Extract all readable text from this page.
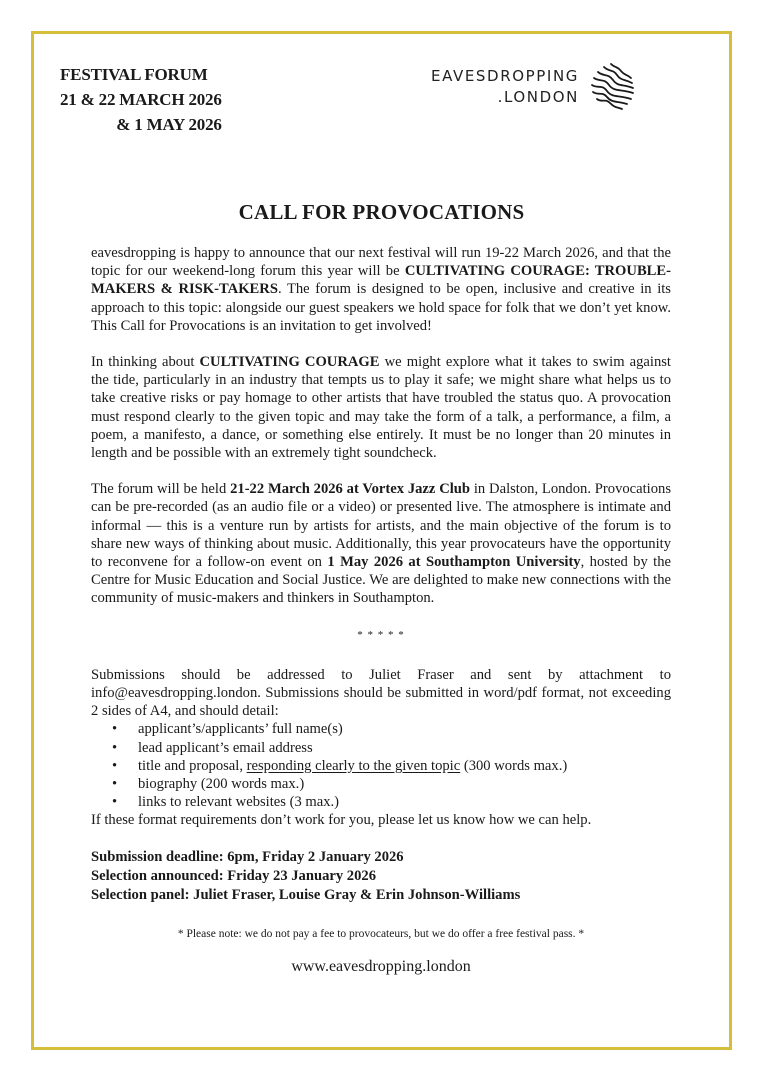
FESTIVAL FORUM
21 & 22 MARCH 2026
& 1 MAY 2026
EAVESDROPPING
.LONDON
CALL FOR PROVOCATIONS

eavesdropping is happy to announce that our next festival will run 19-22 March 2026, and that the topic for our weekend-long forum this year will be CULTIVATING COURAGE: TROUBLE-MAKERS & RISK-TAKERS. The forum is designed to be open, inclusive and creative in its approach to this topic: alongside our guest speakers we hold space for folk that we don’t yet know. This Call for Provocations is an invitation to get involved!

In thinking about CULTIVATING COURAGE we might explore what it takes to swim against the tide, particularly in an industry that tempts us to play it safe; we might share what helps us to take creative risks or pay homage to other artists that have troubled the status quo. A provocation must respond clearly to the given topic and may take the form of a talk, a performance, a film, a poem, a manifesto, a dance, or something else entirely. It must be no longer than 20 minutes in length and be possible with an extremely tight soundcheck.

The forum will be held 21-22 March 2026 at Vortex Jazz Club in Dalston, London. Provocations can be pre-recorded (as an audio file or a video) or presented live. The atmosphere is intimate and informal — this is a venture run by artists for artists, and the main objective of the forum is to share new ways of thinking about music. Additionally, this year provocateurs have the opportunity to reconvene for a follow-on event on 1 May 2026 at Southampton University, hosted by the Centre for Music Education and Social Justice. We are delighted to make new connections with the community of music-makers and thinkers in Southampton.

* * * * *

Submissions should be addressed to Juliet Fraser and sent by attachment to info@eavesdropping.london. Submissions should be submitted in word/pdf format, not exceeding 2 sides of A4, and should detail:

• applicant’s/applicants’ full name(s)
• lead applicant’s email address
• title and proposal, responding clearly to the given topic (300 words max.)
• biography (200 words max.)
• links to relevant websites (3 max.)

If these format requirements don’t work for you, please let us know how we can help.

Submission deadline: 6pm, Friday 2 January 2026
Selection announced: Friday 23 January 2026
Selection panel: Juliet Fraser, Louise Gray & Erin Johnson-Williams
* Please note: we do not pay a fee to provocateurs, but we do offer a free festival pass. *
www.eavesdropping.london
